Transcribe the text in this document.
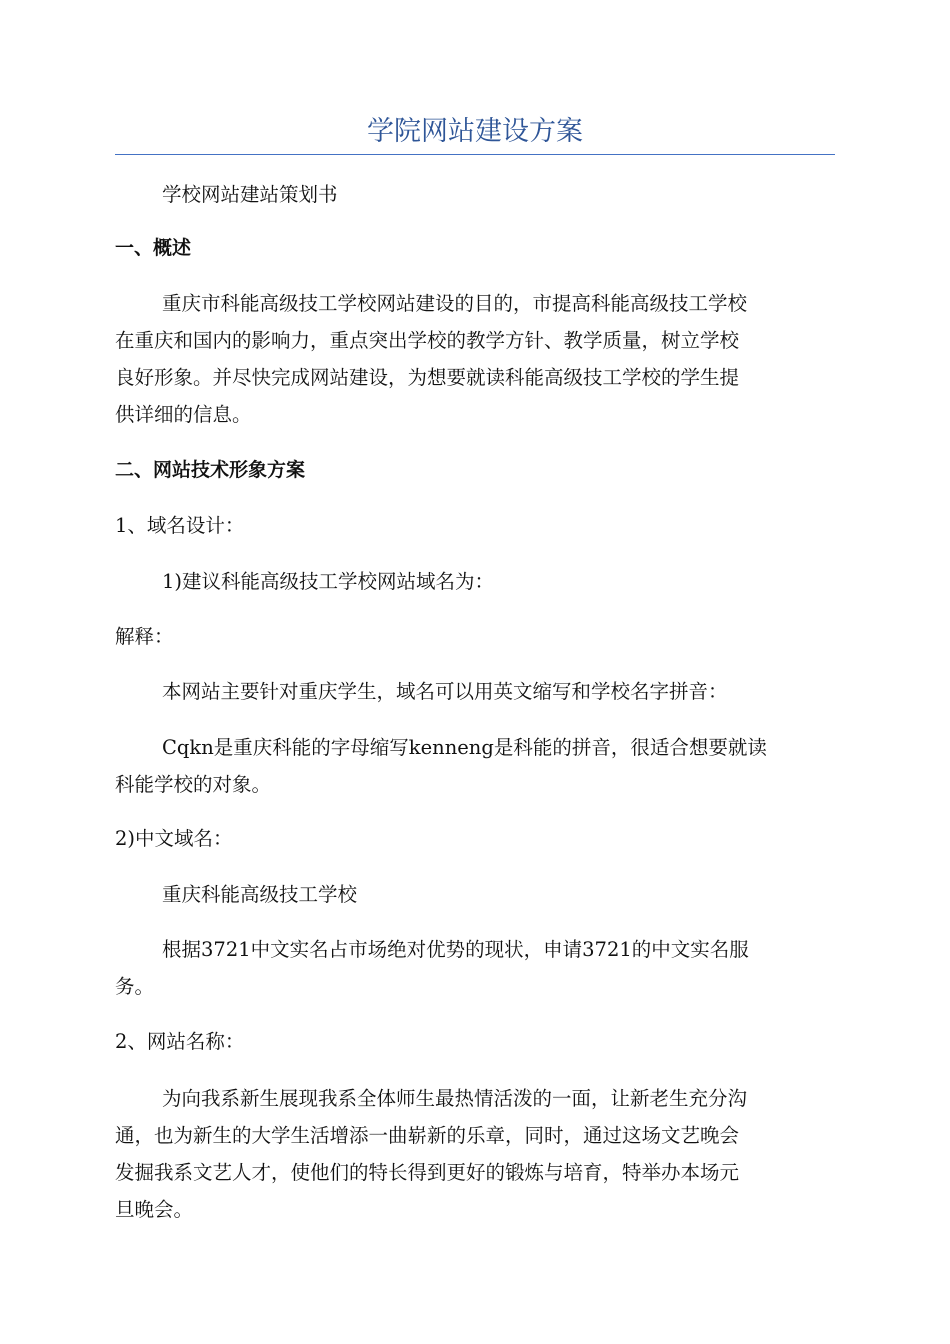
学院网站建设方案
学校网站建站策划书
一、概述
重庆市科能高级技工学校网站建设的目的，市提高科能高级技工学校
在重庆和国内的影响力，重点突出学校的教学方针、教学质量，树立学校
良好形象。并尽快完成网站建设，为想要就读科能高级技工学校的学生提
供详细的信息。
二、网站技术形象方案
1、域名设计：
1)建议科能高级技工学校网站域名为：
解释：
本网站主要针对重庆学生，域名可以用英文缩写和学校名字拼音：
Cqkn是重庆科能的字母缩写kenneng是科能的拼音，很适合想要就读
科能学校的对象。
2)中文域名：
重庆科能高级技工学校
根据3721中文实名占市场绝对优势的现状，申请3721的中文实名服
务。
2、网站名称：
为向我系新生展现我系全体师生最热情活泼的一面，让新老生充分沟
通，也为新生的大学生活增添一曲崭新的乐章，同时，通过这场文艺晚会
发掘我系文艺人才，使他们的特长得到更好的锻炼与培育，特举办本场元
旦晚会。
